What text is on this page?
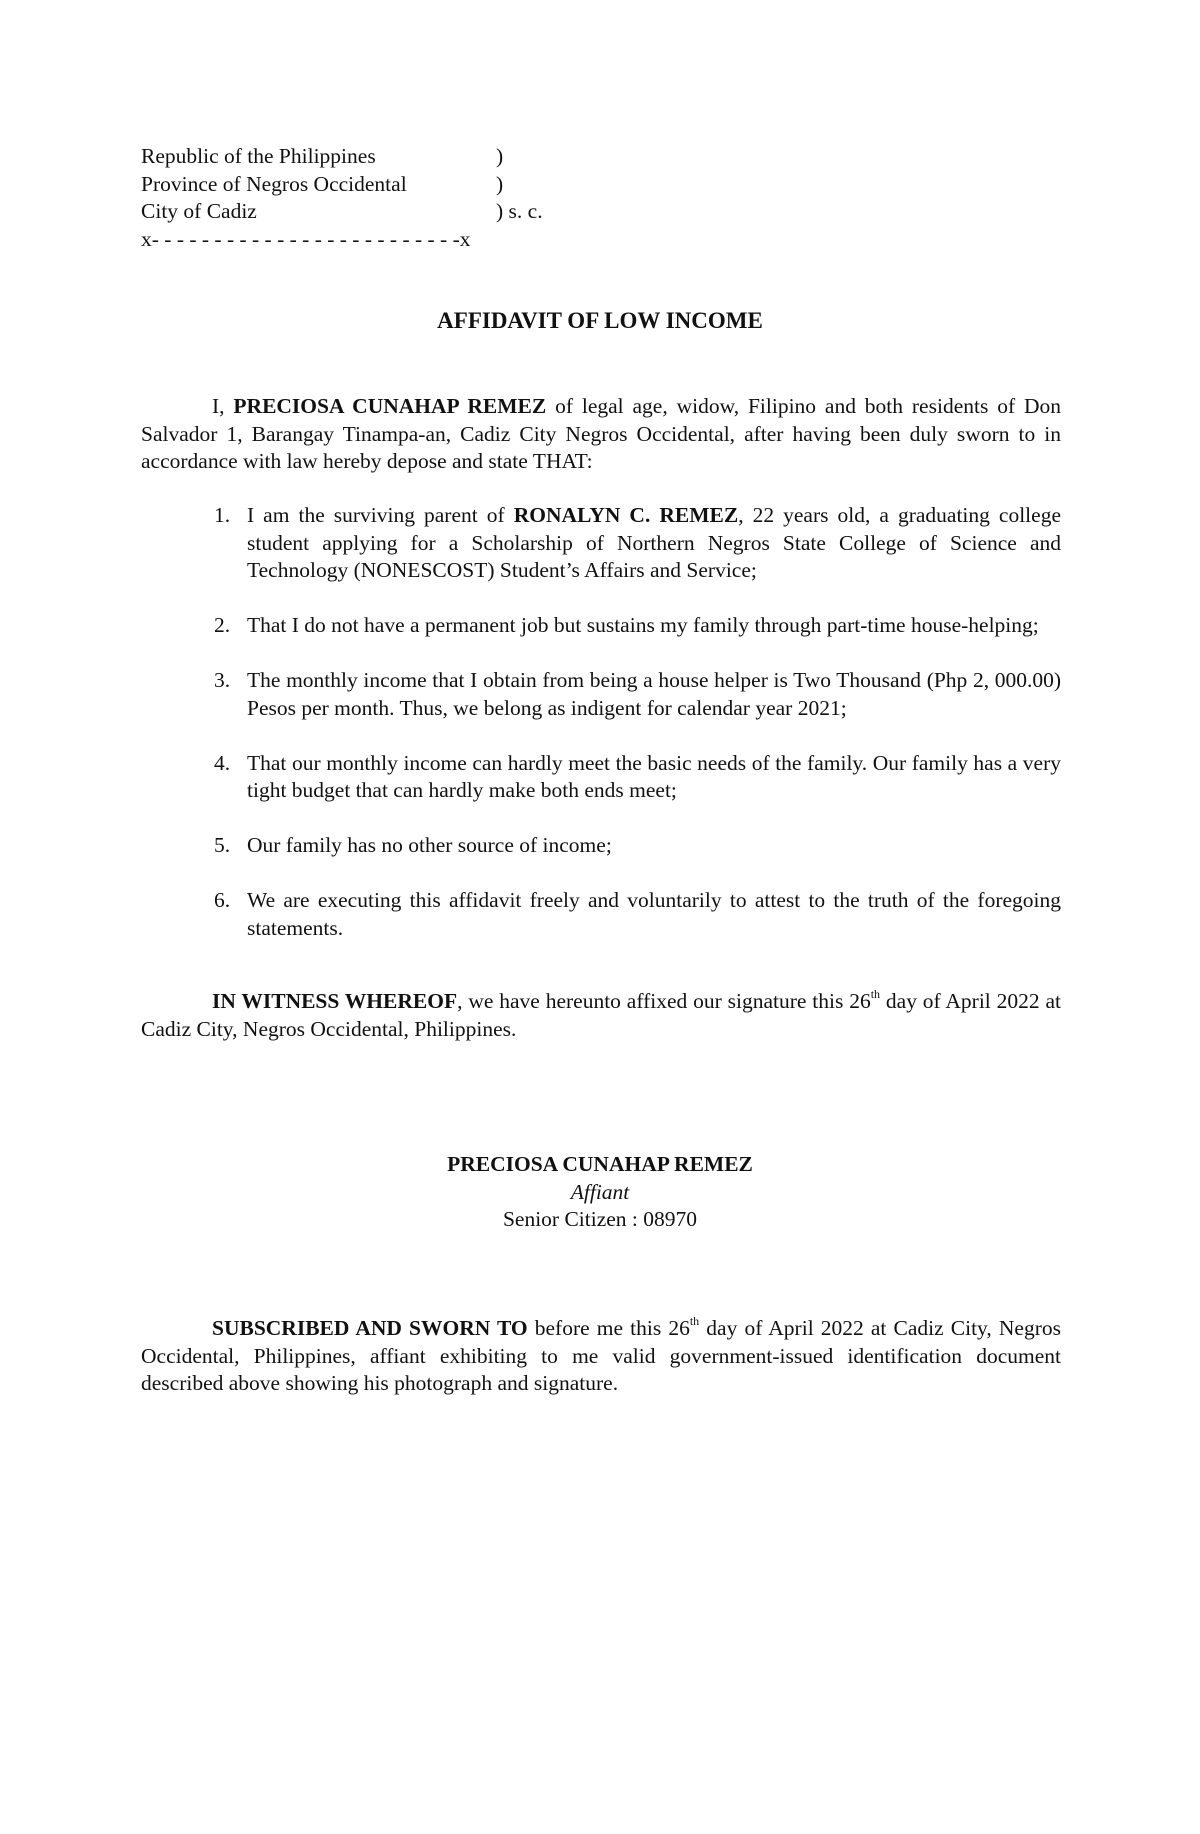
Republic of the Philippines	)
Province of Negros Occidental	)
City of Cadiz	) s. c.
x- - - - - - - - - - - - - - - - - - - - - - - - -x
AFFIDAVIT OF LOW INCOME
I, PRECIOSA CUNAHAP REMEZ of legal age, widow, Filipino and both residents of Don Salvador 1, Barangay Tinampa-an, Cadiz City Negros Occidental, after having been duly sworn to in accordance with law hereby depose and state THAT:
1. I am the surviving parent of RONALYN C. REMEZ, 22 years old, a graduating college student applying for a Scholarship of Northern Negros State College of Science and Technology (NONESCOST) Student’s Affairs and Service;
2. That I do not have a permanent job but sustains my family through part-time house-helping;
3. The monthly income that I obtain from being a house helper is Two Thousand (Php 2, 000.00) Pesos per month. Thus, we belong as indigent for calendar year 2021;
4. That our monthly income can hardly meet the basic needs of the family. Our family has a very tight budget that can hardly make both ends meet;
5. Our family has no other source of income;
6. We are executing this affidavit freely and voluntarily to attest to the truth of the foregoing statements.
IN WITNESS WHEREOF, we have hereunto affixed our signature this 26th day of April 2022 at Cadiz City, Negros Occidental, Philippines.
PRECIOSA CUNAHAP REMEZ
Affiant
Senior Citizen : 08970
SUBSCRIBED AND SWORN TO before me this 26th day of April 2022 at Cadiz City, Negros Occidental, Philippines, affiant exhibiting to me valid government-issued identification document described above showing his photograph and signature.
